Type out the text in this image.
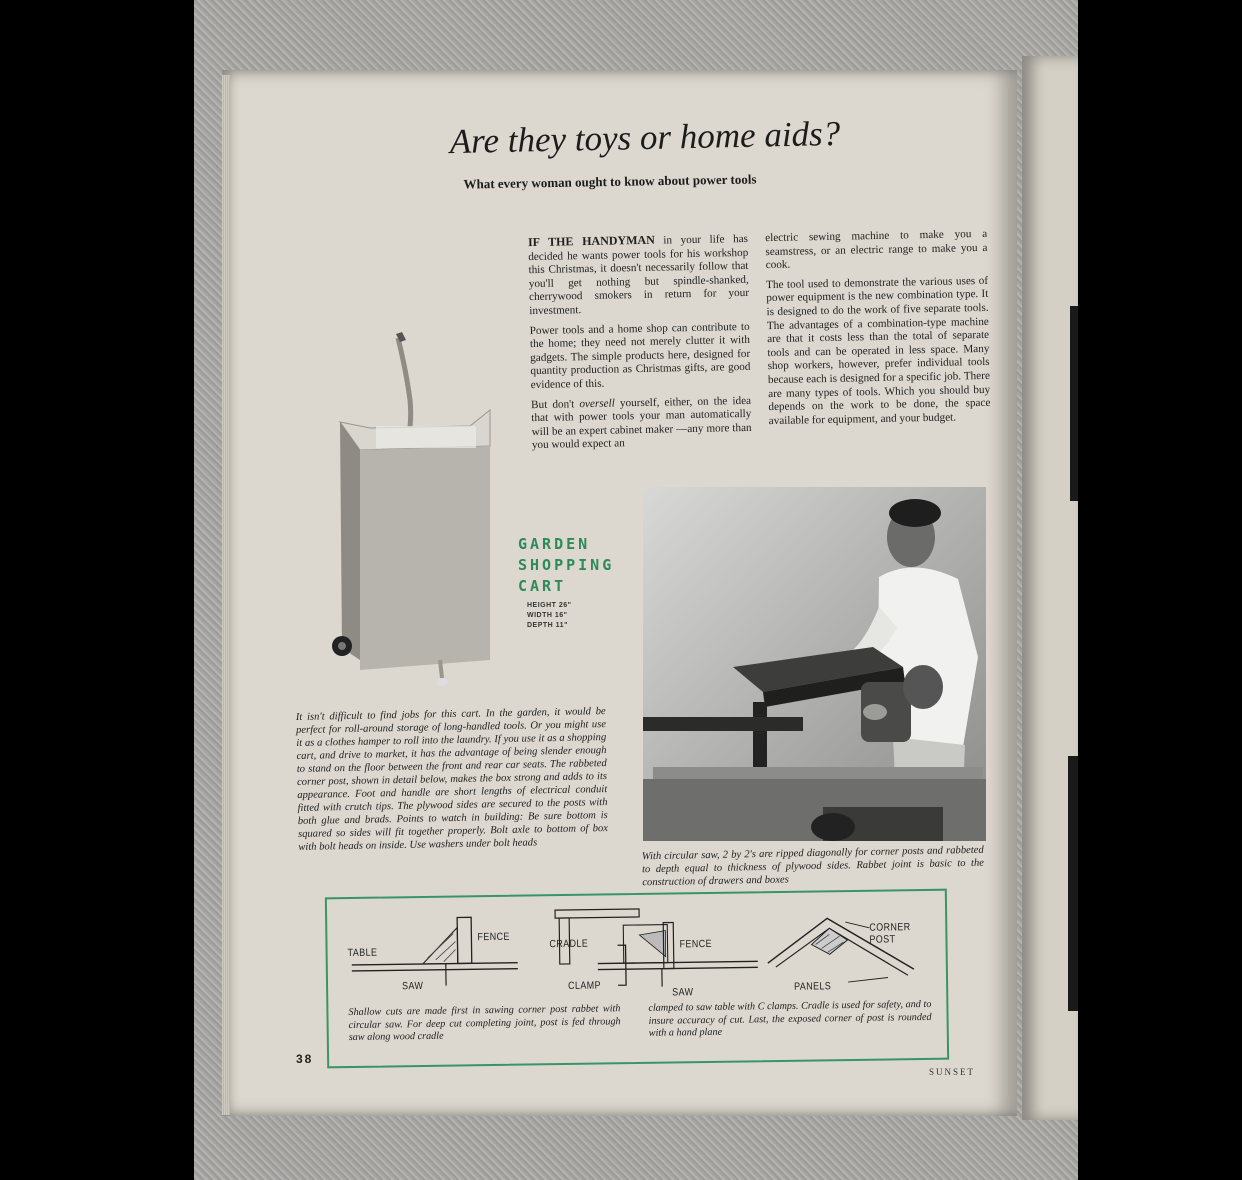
Are they toys or home aids?
What every woman ought to know about power tools

IF THE HANDYMAN in your life has decided he wants power tools for his workshop this Christmas, it doesn't necessarily follow that you'll get nothing but spindle-shanked, cherrywood smokers in return for your investment.

Power tools and a home shop can contribute to the home; they need not merely clutter it with gadgets. The simple products here, designed for quantity production as Christmas gifts, are good evidence of this.

But don't oversell yourself, either, on the idea that with power tools your man automatically will be an expert cabinet maker —any more than you would expect an

electric sewing machine to make you a seamstress, or an electric range to make you a cook.

The tool used to demonstrate the various uses of power equipment is the new combination type. It is designed to do the work of five separate tools. The advantages of a combination-type machine are that it costs less than the total of separate tools and can be operated in less space. Many shop workers, however, prefer individual tools because each is designed for a specific job. There are many types of tools. Which you should buy depends on the work to be done, the space available for equipment, and your budget.

GARDEN
SHOPPING
CART
HEIGHT 26"
WIDTH 16"
DEPTH 11"
It isn't difficult to find jobs for this cart. In the garden, it would be perfect for roll-around storage of long-handled tools. Or you might use it as a clothes hamper to roll into the laundry. If you use it as a shopping cart, and drive to market, it has the advantage of being slender enough to stand on the floor between the front and rear car seats. The rabbeted corner post, shown in detail below, makes the box strong and adds to its appearance. Foot and handle are short lengths of electrical conduit fitted with crutch tips. The plywood sides are secured to the posts with both glue and brads. Points to watch in building: Be sure bottom is squared so sides will fit together properly. Bolt axle to bottom of box with bolt heads on inside. Use washers under bolt heads	With circular saw, 2 by 2's are ripped diagonally for corner posts and rabbeted to depth equal to thickness of plywood sides. Rabbet joint is basic to the construction of drawers and boxes
TABLE
FENCE
SAW
CRADLE	FENCE
CLAMP
SAW
CORNER POST
PANELS
Shallow cuts are made first in sawing corner post rabbet with circular saw. For deep cut completing joint, post is fed through saw along wood cradle
clamped to saw table with C clamps. Cradle is used for safety, and to insure accuracy of cut. Last, the exposed corner of post is rounded with a hand plane
38
SUNSET
